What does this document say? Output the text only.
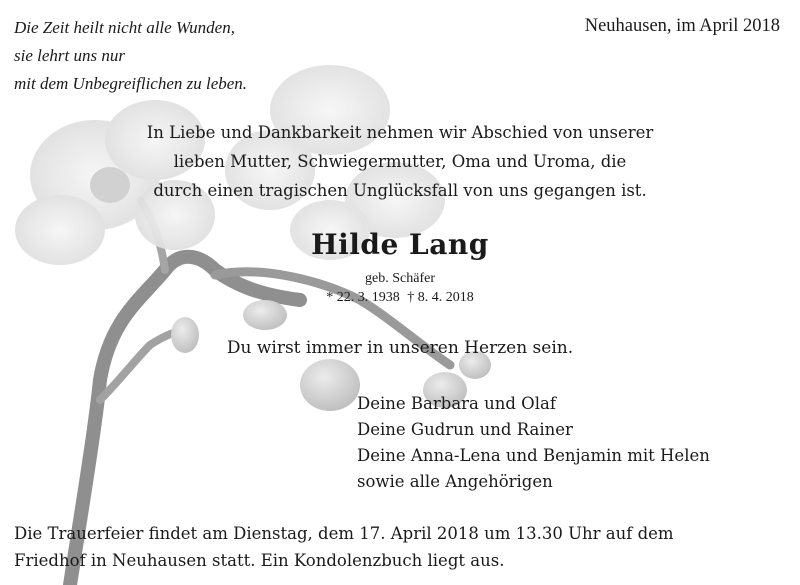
Die Zeit heilt nicht alle Wunden,
sie lehrt uns nur
mit dem Unbegreiflichen zu leben.
Neuhausen, im April 2018
In Liebe und Dankbarkeit nehmen wir Abschied von unserer
lieben Mutter, Schwiegermutter, Oma und Uroma, die
durch einen tragischen Unglücksfall von uns gegangen ist.
Hilde Lang
geb. Schäfer
* 22. 3. 1938 † 8. 4. 2018
Du wirst immer in unseren Herzen sein.
Deine Barbara und Olaf
Deine Gudrun und Rainer
Deine Anna-Lena und Benjamin mit Helen
sowie alle Angehörigen
Die Trauerfeier findet am Dienstag, dem 17. April 2018 um 13.30 Uhr auf dem
Friedhof in Neuhausen statt. Ein Kondolenzbuch liegt aus.
